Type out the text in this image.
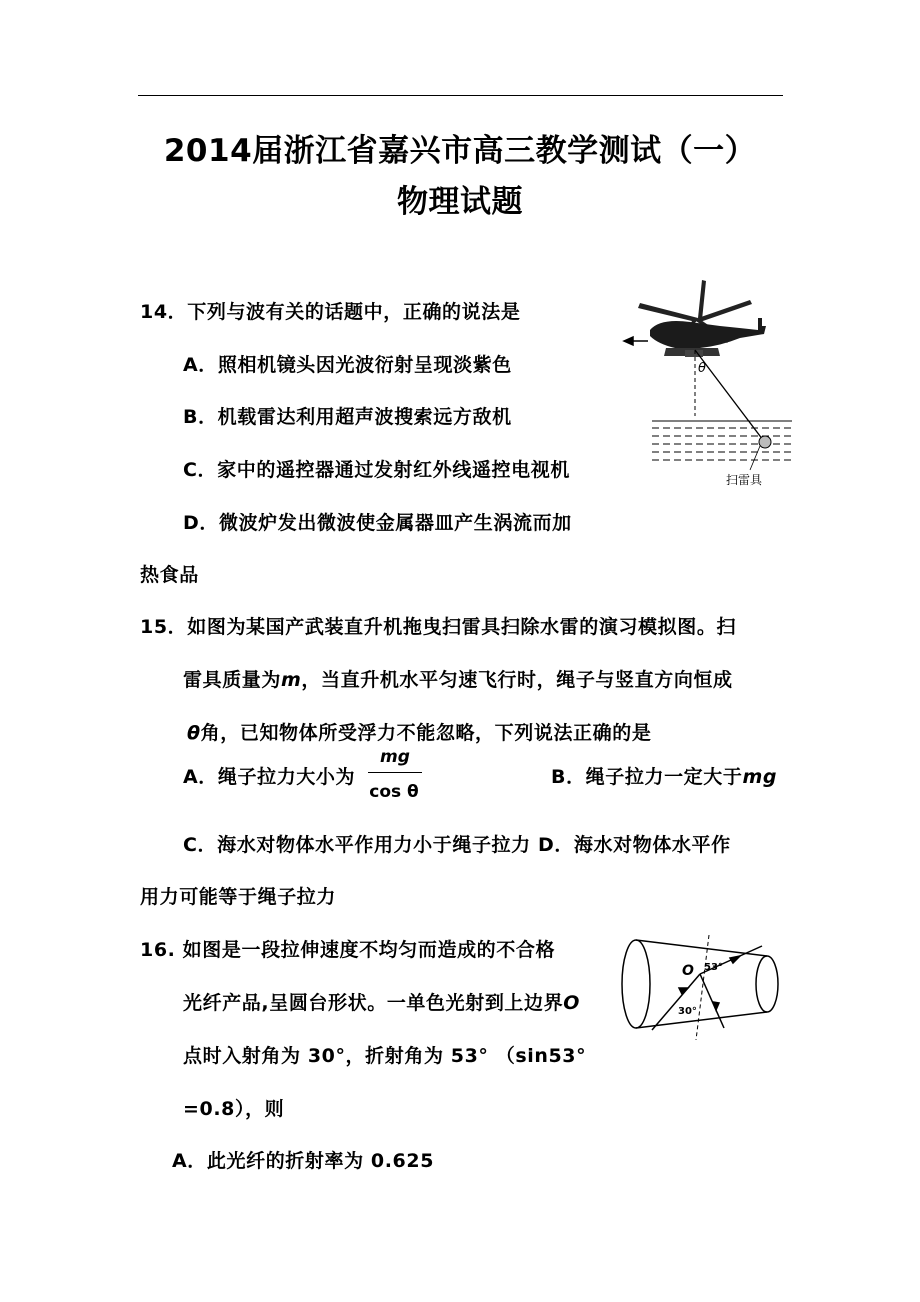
2014届浙江省嘉兴市高三教学测试（一）
物理试题
14．下列与波有关的话题中，正确的说法是
A．照相机镜头因光波衍射呈现淡紫色
B．机载雷达利用超声波搜索远方敌机
C．家中的遥控器通过发射红外线遥控电视机
D．微波炉发出微波使金属器皿产生涡流而加
热食品
θ
扫雷具
15．如图为某国产武装直升机拖曳扫雷具扫除水雷的演习模拟图。扫
雷具质量为m，当直升机水平匀速飞行时，绳子与竖直方向恒成
θ角，已知物体所受浮力不能忽略，下列说法正确的是
A．绳子拉力大小为
mg
cos θ
B．绳子拉力一定大于mg
C．海水对物体水平作用力小于绳子拉力 D．海水对物体水平作
用力可能等于绳子拉力
16. 如图是一段拉伸速度不均匀而造成的不合格
光纤产品,呈圆台形状。一单色光射到上边界O
点时入射角为 30°，折射角为 53° （sin53°
=0.8），则
A．此光纤的折射率为 0.625
O 53°
30°
